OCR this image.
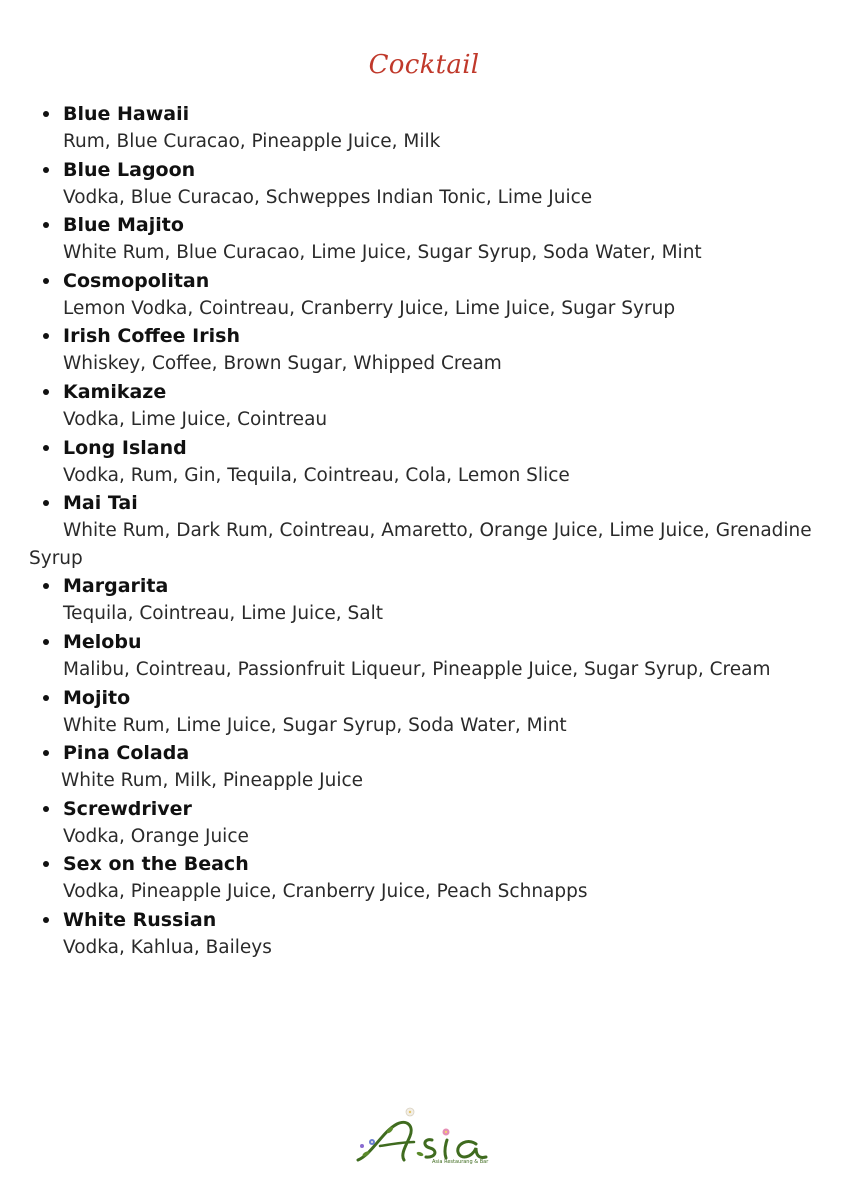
Cocktail
Blue Hawaii
Rum, Blue Curacao, Pineapple Juice, Milk
Blue Lagoon
Vodka, Blue Curacao, Schweppes Indian Tonic, Lime Juice
Blue Majito
White Rum, Blue Curacao, Lime Juice, Sugar Syrup, Soda Water, Mint
Cosmopolitan
Lemon Vodka, Cointreau, Cranberry Juice, Lime Juice, Sugar Syrup
Irish Coffee Irish
Whiskey, Coffee, Brown Sugar, Whipped Cream
Kamikaze
Vodka, Lime Juice, Cointreau
Long Island
Vodka, Rum, Gin, Tequila, Cointreau, Cola, Lemon Slice
Mai Tai
White Rum, Dark Rum, Cointreau, Amaretto, Orange Juice, Lime Juice, Grenadine
Syrup
Margarita
Tequila, Cointreau, Lime Juice, Salt
Melobu
Malibu, Cointreau, Passionfruit Liqueur, Pineapple Juice, Sugar Syrup, Cream
Mojito
White Rum, Lime Juice, Sugar Syrup, Soda Water, Mint
Pina Colada
White Rum, Milk, Pineapple Juice
Screwdriver
Vodka, Orange Juice
Sex on the Beach
Vodka, Pineapple Juice, Cranberry Juice, Peach Schnapps
White Russian
Vodka, Kahlua, Baileys
Asia Restaurang & Bar
